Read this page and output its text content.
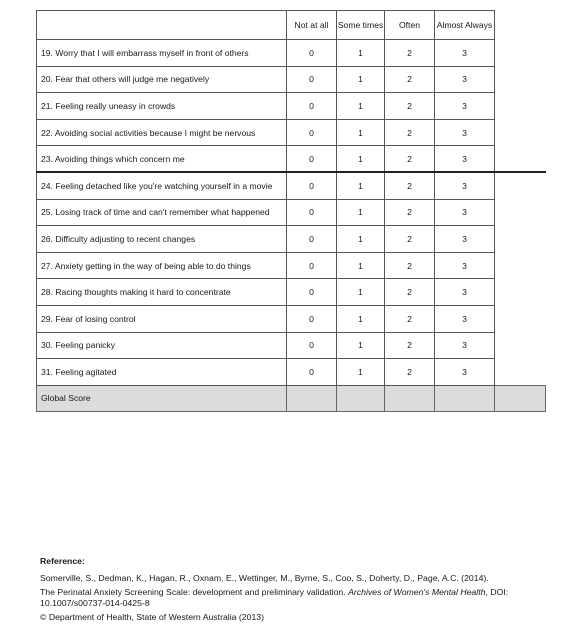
	Not at all	Some times	Often	Almost Always	
19. Worry that I will embarrass myself in front of others	0	1	2	3	
20. Fear that others will judge me negatively	0	1	2	3	
21. Feeling really uneasy in crowds	0	1	2	3	
22. Avoiding social activities because I might be nervous	0	1	2	3	
23. Avoiding things which concern me	0	1	2	3	
24. Feeling detached like you're watching yourself in a movie	0	1	2	3	
25. Losing track of time and can't remember what happened	0	1	2	3	
26. Difficulty adjusting to recent changes	0	1	2	3	
27. Anxiety getting in the way of being able to do things	0	1	2	3	
28. Racing thoughts making it hard to concentrate	0	1	2	3	
29. Fear of losing control	0	1	2	3	
30. Feeling panicky	0	1	2	3	
31. Feeling agitated	0	1	2	3	
Global Score					
Reference:

Somerville, S., Dedman, K., Hagan, R., Oxnam, E., Wettinger, M., Byrne, S., Coo, S., Doherty, D., Page, A.C. (2014).

The Perinatal Anxiety Screening Scale: development and preliminary validation. Archives of Women's Mental Health, DOI: 10.1007/s00737-014-0425-8

© Department of Health, State of Western Australia (2013)
